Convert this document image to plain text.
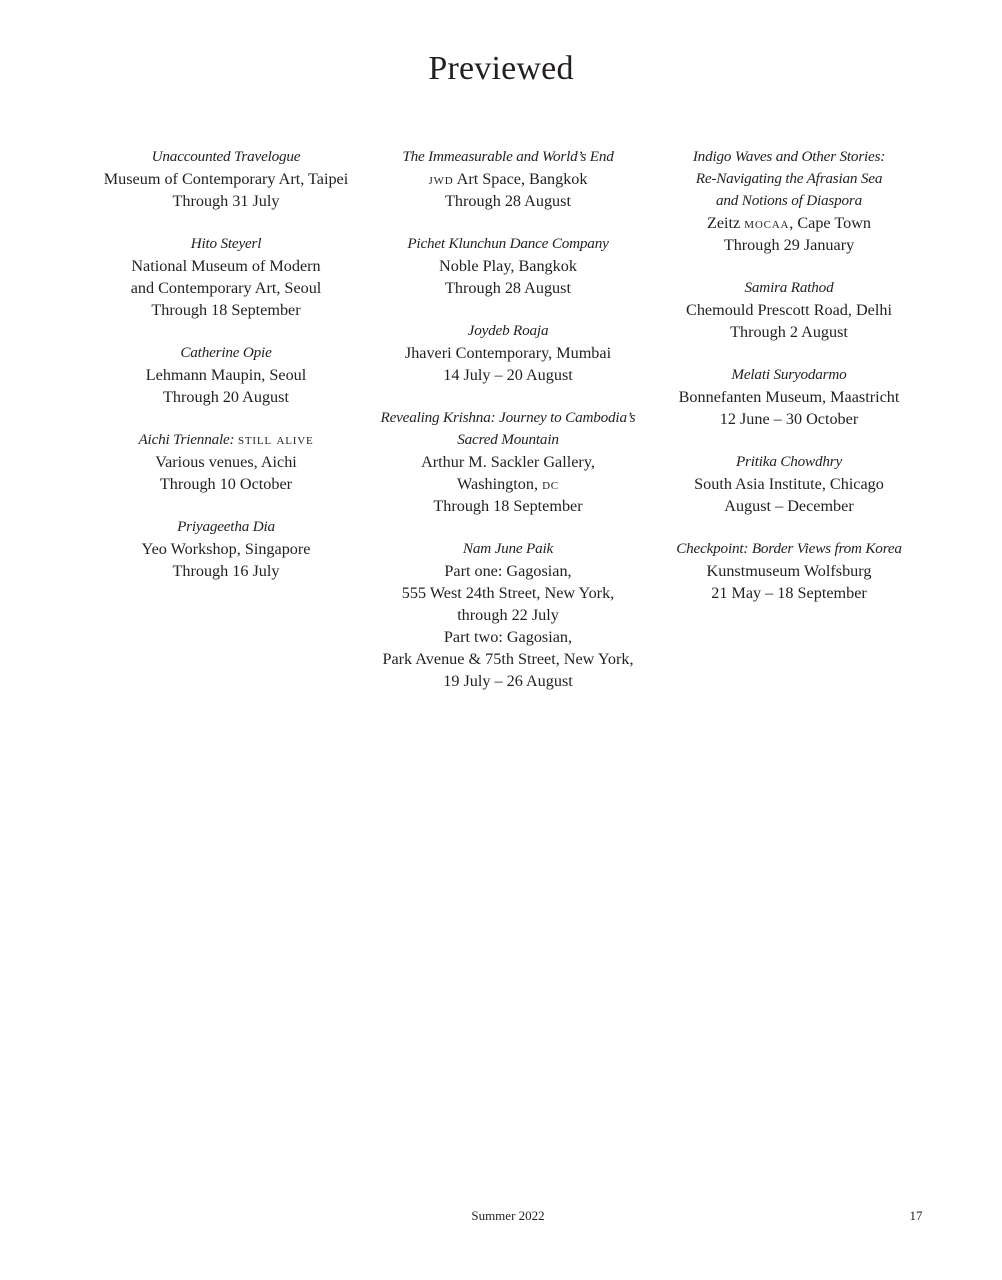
Previewed
Unaccounted Travelogue
Museum of Contemporary Art, Taipei
Through 31 July
Hito Steyerl
National Museum of Modern
and Contemporary Art, Seoul
Through 18 September
Catherine Opie
Lehmann Maupin, Seoul
Through 20 August
Aichi Triennale: still alive
Various venues, Aichi
Through 10 October
Priyageetha Dia
Yeo Workshop, Singapore
Through 16 July
The Immeasurable and World’s End
jwd Art Space, Bangkok
Through 28 August
Pichet Klunchun Dance Company
Noble Play, Bangkok
Through 28 August
Joydeb Roaja
Jhaveri Contemporary, Mumbai
14 July – 20 August
Revealing Krishna: Journey to Cambodia’s
Sacred Mountain
Arthur M. Sackler Gallery,
Washington, dc
Through 18 September
Nam June Paik
Part one: Gagosian,
555 West 24th Street, New York,
through 22 July
Part two: Gagosian,
Park Avenue & 75th Street, New York,
19 July – 26 August
Indigo Waves and Other Stories:
Re-Navigating the Afrasian Sea
and Notions of Diaspora
Zeitz mocaa, Cape Town
Through 29 January
Samira Rathod
Chemould Prescott Road, Delhi
Through 2 August
Melati Suryodarmo
Bonnefanten Museum, Maastricht
12 June – 30 October
Pritika Chowdhry
South Asia Institute, Chicago
August – December
Checkpoint: Border Views from Korea
Kunstmuseum Wolfsburg
21 May – 18 September
Summer 2022	17
